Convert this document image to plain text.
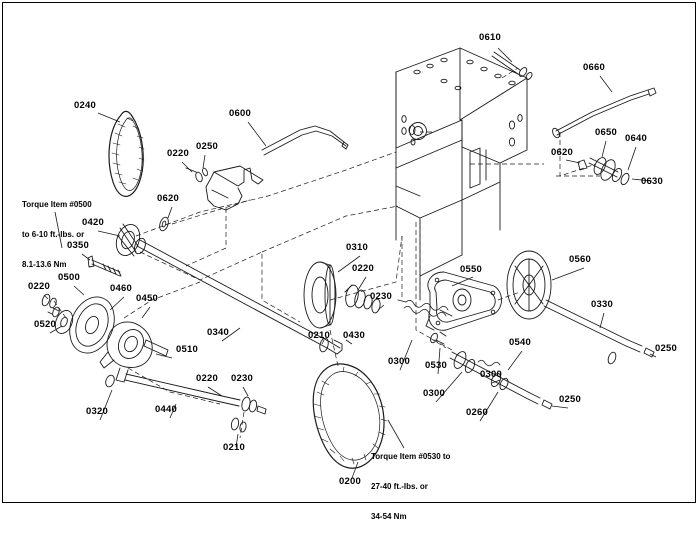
0610
0660
0240
0600
0650
0640
0250
0220	0620
0630
0620
0420
0310
0350
0550
0560
0220
0500
0220	0460
0230
0450
0330
0520
0340	0210 0430
0540
0250
0510
0300 0530
0320	0440
0220 0230
0300
0300
0260
0250
0210
0200

Torque Item #0500

to 6-10 ft.-lbs. or

8.1-13.6 Nm

Torque Item #0530 to

27-40 ft.-lbs. or

34-54 Nm
